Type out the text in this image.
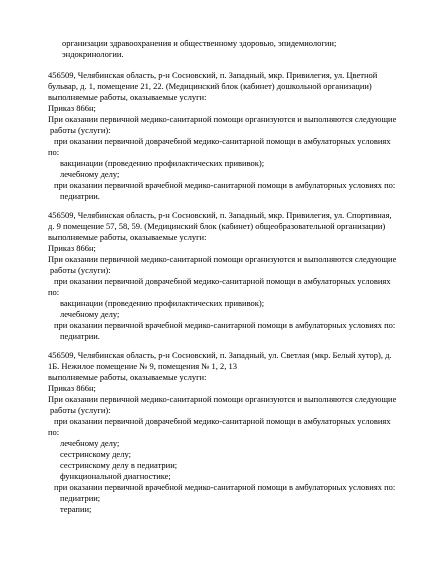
организации здравоохранения и общественному здоровью, эпидемиологии;
эндокринологии.
456509, Челябинская область, р-н Сосновский, п. Западный, мкр. Привилегия, ул. Цветной
бульвар, д. 1, помещение 21, 22. (Медицинский блок (кабинет) дошкольной организации)
выполняемые работы, оказываемые услуги:
Приказ 866н;
При оказании первичной медико-санитарной помощи организуются и выполняются следующие
работы (услуги):
при оказании первичной доврачебной медико-санитарной помощи в амбулаторных условиях
по:
вакцинации (проведению профилактических прививок);
лечебному делу;
при оказании первичной врачебной медико-санитарной помощи в амбулаторных условиях по:
педиатрии.
456509, Челябинская область, р-н Сосновский, п. Западный, мкр. Привилегия, ул. Спортивная,
д. 9 помещение 57, 58, 59. (Медицинский блок (кабинет) общеобразовательной организации)
выполняемые работы, оказываемые услуги:
Приказ 866н;
При оказании первичной медико-санитарной помощи организуются и выполняются следующие
работы (услуги):
при оказании первичной доврачебной медико-санитарной помощи в амбулаторных условиях
по:
вакцинации (проведению профилактических прививок);
лечебному делу;
при оказании первичной врачебной медико-санитарной помощи в амбулаторных условиях по:
педиатрии.
456509, Челябинская область, р-н Сосновский, п. Западный, ул. Светлая (мкр. Белый хутор), д.
1Б. Нежилое помещение № 9, помещения № 1, 2, 13
выполняемые работы, оказываемые услуги:
Приказ 866н;
При оказании первичной медико-санитарной помощи организуются и выполняются следующие
работы (услуги):
при оказании первичной доврачебной медико-санитарной помощи в амбулаторных условиях
по:
лечебному делу;
сестринскому делу;
сестринскому делу в педиатрии;
функциональной диагностике;
при оказании первичной врачебной медико-санитарной помощи в амбулаторных условиях по:
педиатрии;
терапии;
